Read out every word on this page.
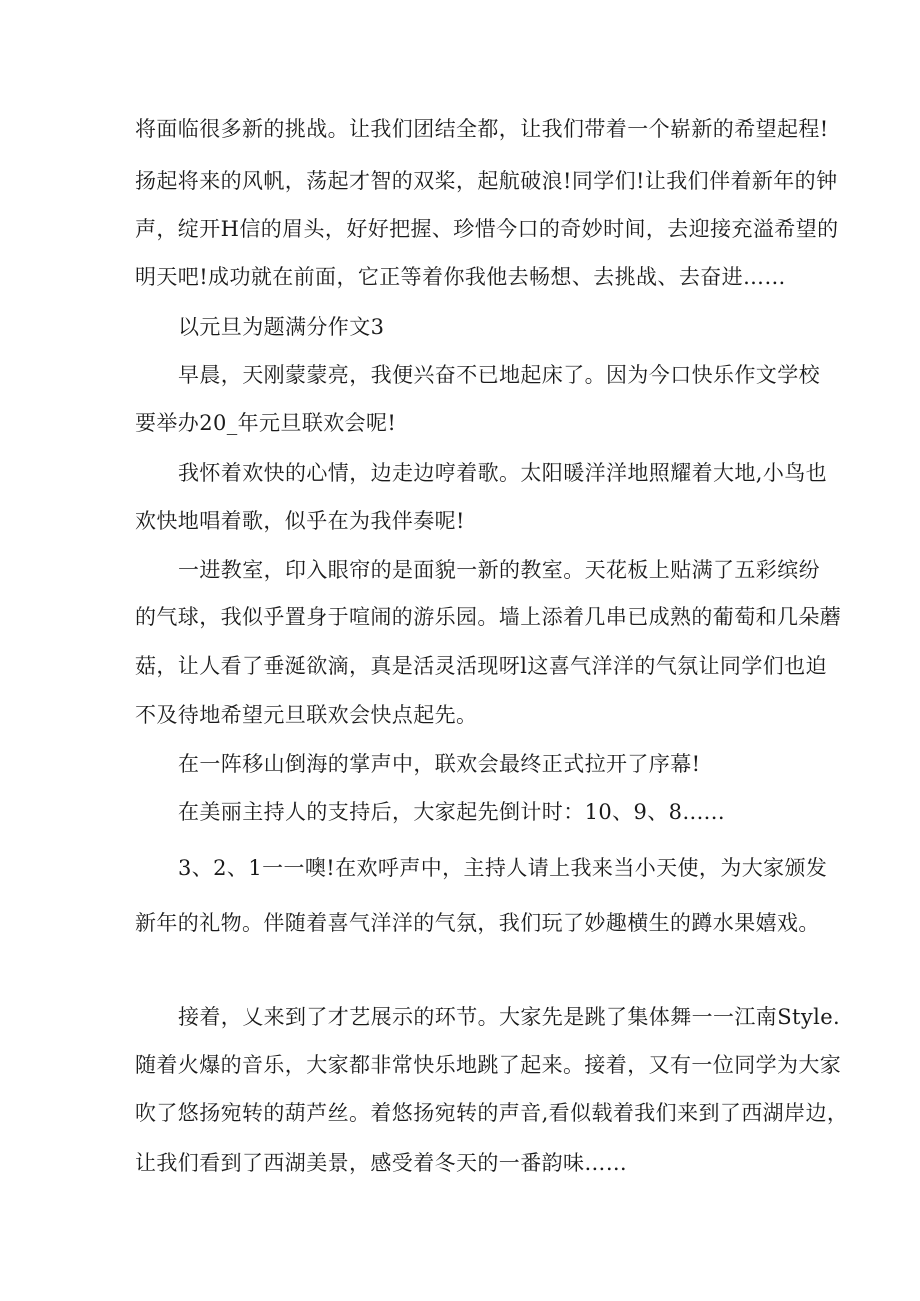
将面临很多新的挑战。让我们团结全都，让我们带着一个崭新的希望起程!
扬起将来的风帆，荡起才智的双桨，起航破浪!同学们!让我们伴着新年的钟
声，绽开H信的眉头，好好把握、珍惜今口的奇妙时间，去迎接充溢希望的
明天吧!成功就在前面，它正等着你我他去畅想、去挑战、去奋进……
以元旦为题满分作文3
早晨，天刚蒙蒙亮，我便兴奋不已地起床了。因为今口快乐作文学校
要举办20_年元旦联欢会呢!
我怀着欢快的心情，边走边哼着歌。太阳暖洋洋地照耀着大地,小鸟也
欢快地唱着歌，似乎在为我伴奏呢!
一进教室，印入眼帘的是面貌一新的教室。天花板上贴满了五彩缤纷
的气球，我似乎置身于喧闹的游乐园。墙上添着几串已成熟的葡萄和几朵蘑
菇，让人看了垂涎欲滴，真是活灵活现呀l这喜气洋洋的气氛让同学们也迫
不及待地希望元旦联欢会快点起先。
在一阵移山倒海的掌声中，联欢会最终正式拉开了序幕!
在美丽主持人的支持后，大家起先倒计时：10、9、8......
3、2、1一一噢!在欢呼声中，主持人请上我来当小天使，为大家颁发
新年的礼物。伴随着喜气洋洋的气氛，我们玩了妙趣横生的蹲水果嬉戏。
接着，乂来到了才艺展示的环节。大家先是跳了集体舞一一江南Style.
随着火爆的音乐，大家都非常快乐地跳了起来。接着，又有一位同学为大家
吹了悠扬宛转的葫芦丝。着悠扬宛转的声音,看似载着我们来到了西湖岸边，
让我们看到了西湖美景，感受着冬天的一番韵味……
